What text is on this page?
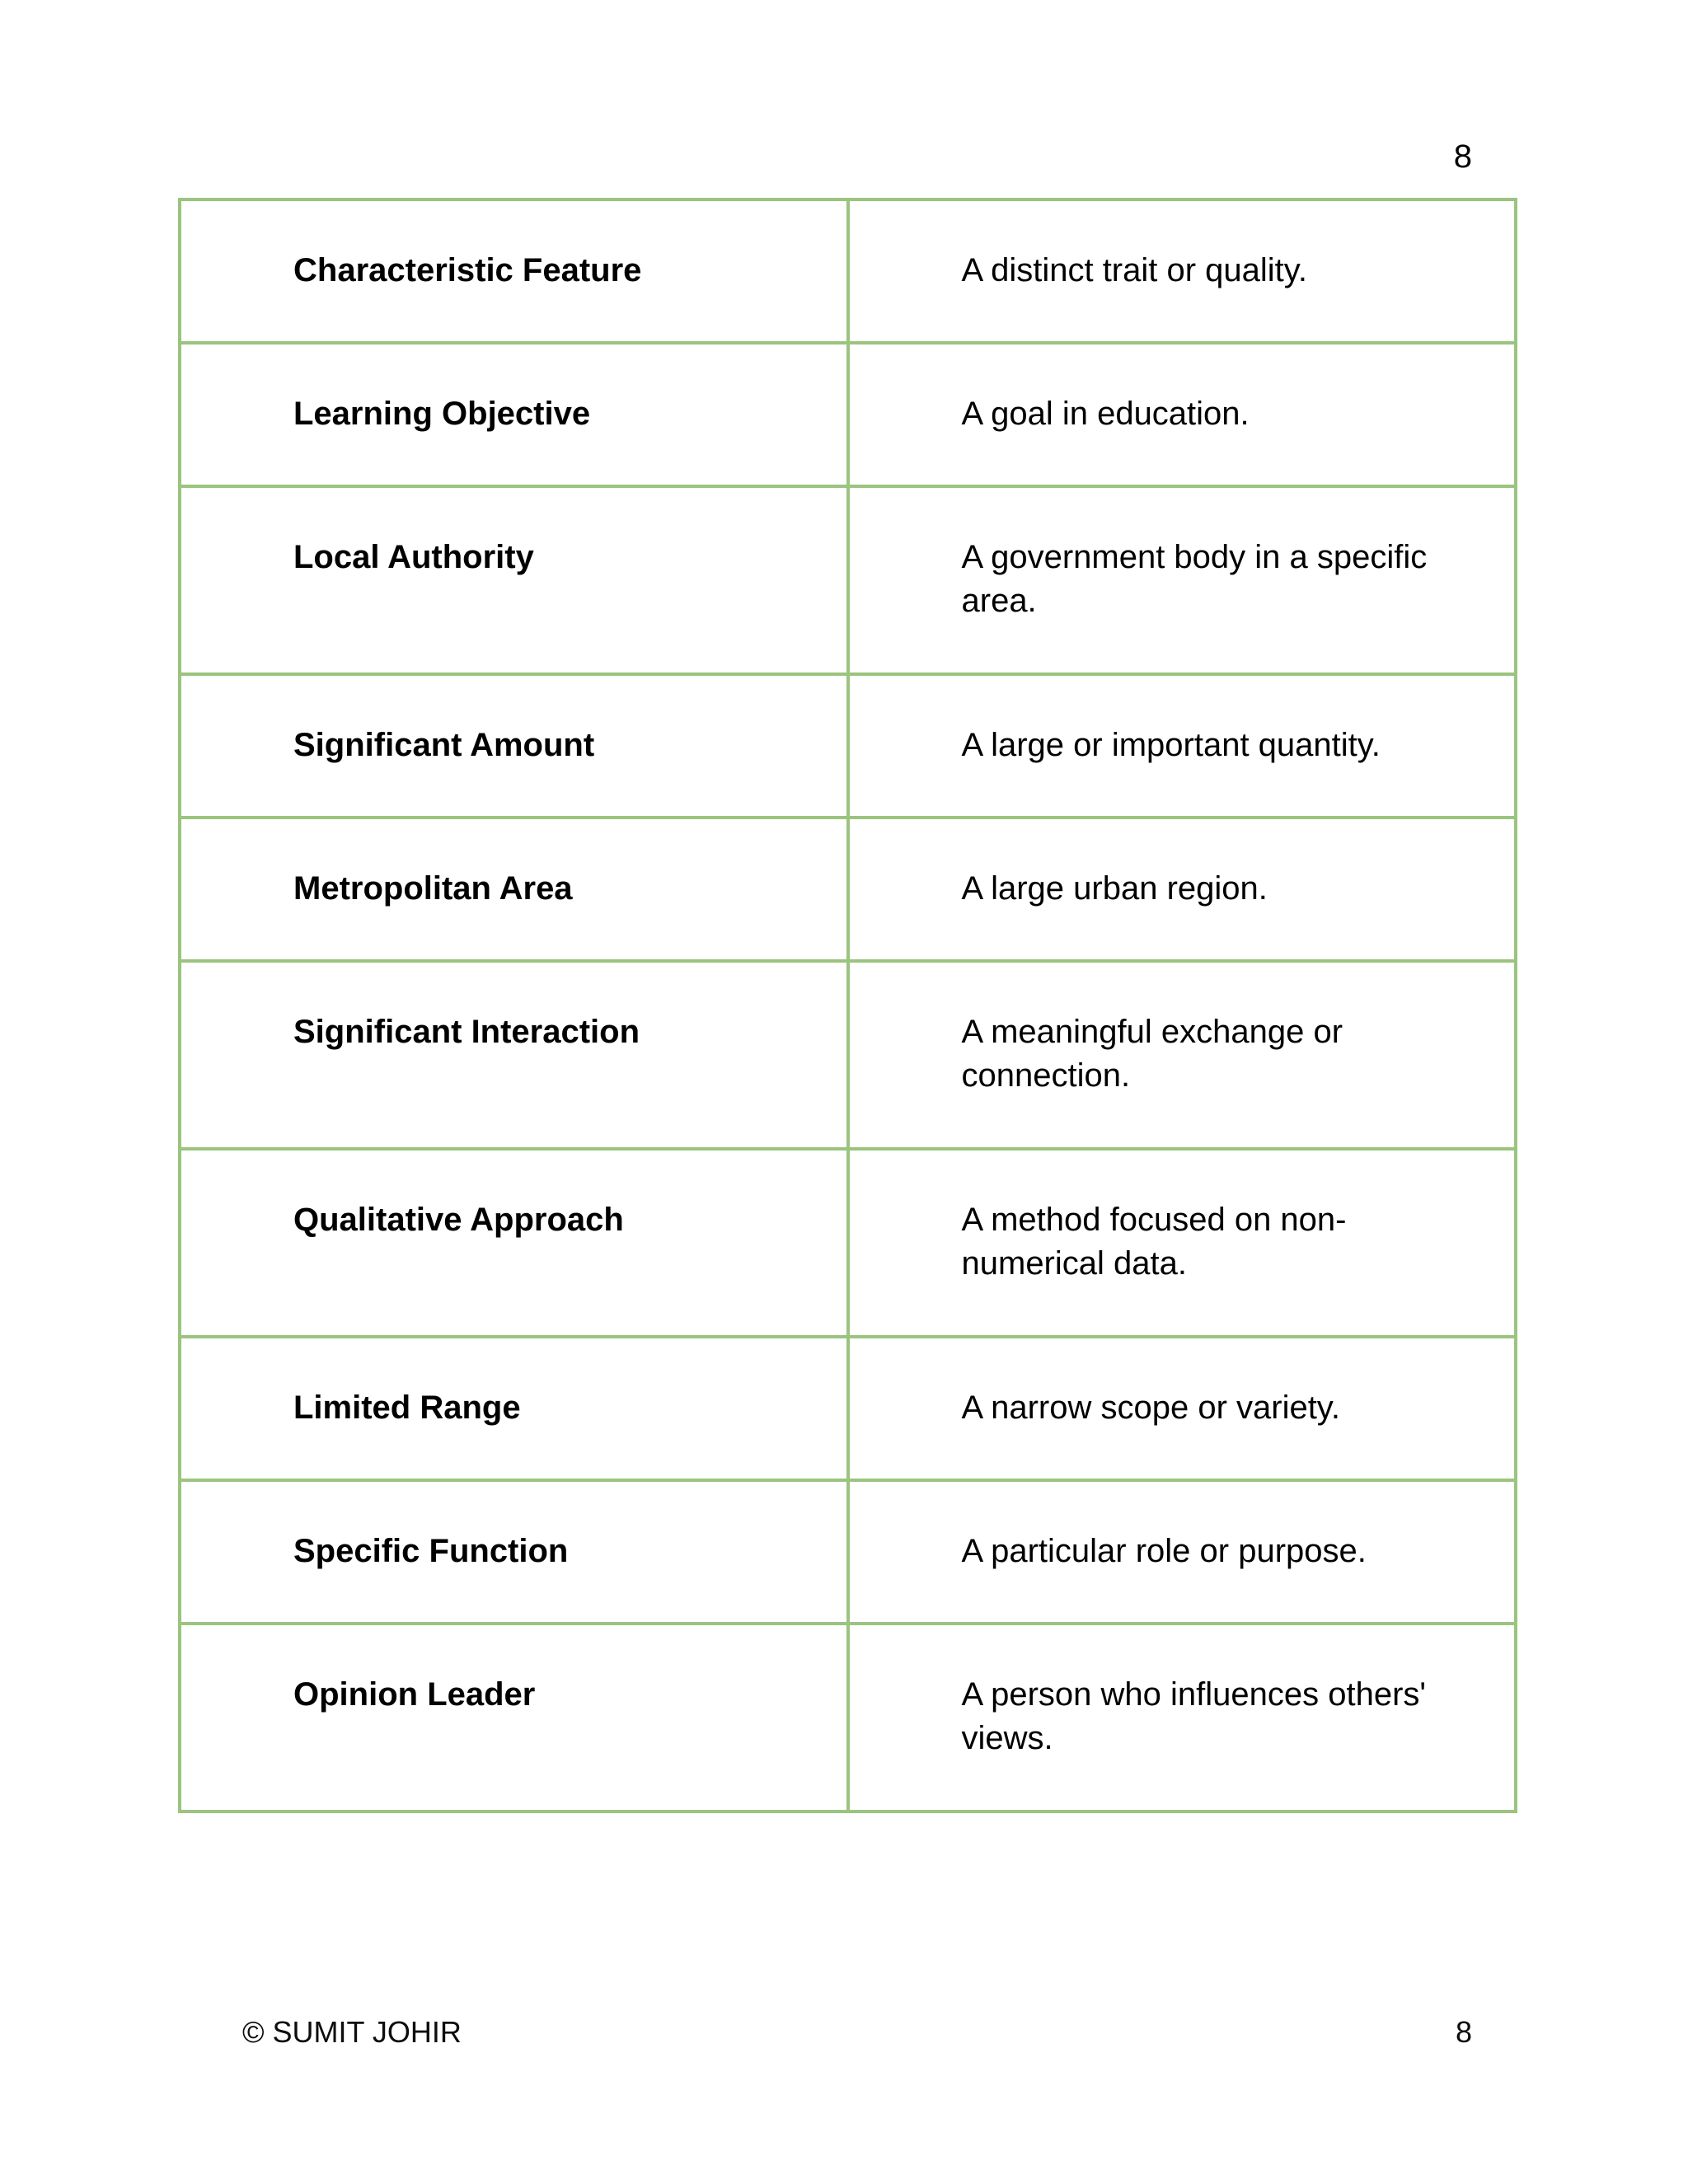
8
Characteristic Feature	A distinct trait or quality.
Learning Objective	A goal in education.
Local Authority	A government body in a specific area.
Significant Amount	A large or important quantity.
Metropolitan Area	A large urban region.
Significant Interaction	A meaningful exchange or connection.
Qualitative Approach	A method focused on non-numerical data.
Limited Range	A narrow scope or variety.
Specific Function	A particular role or purpose.
Opinion Leader	A person who influences others' views.
© SUMIT JOHIR	8
